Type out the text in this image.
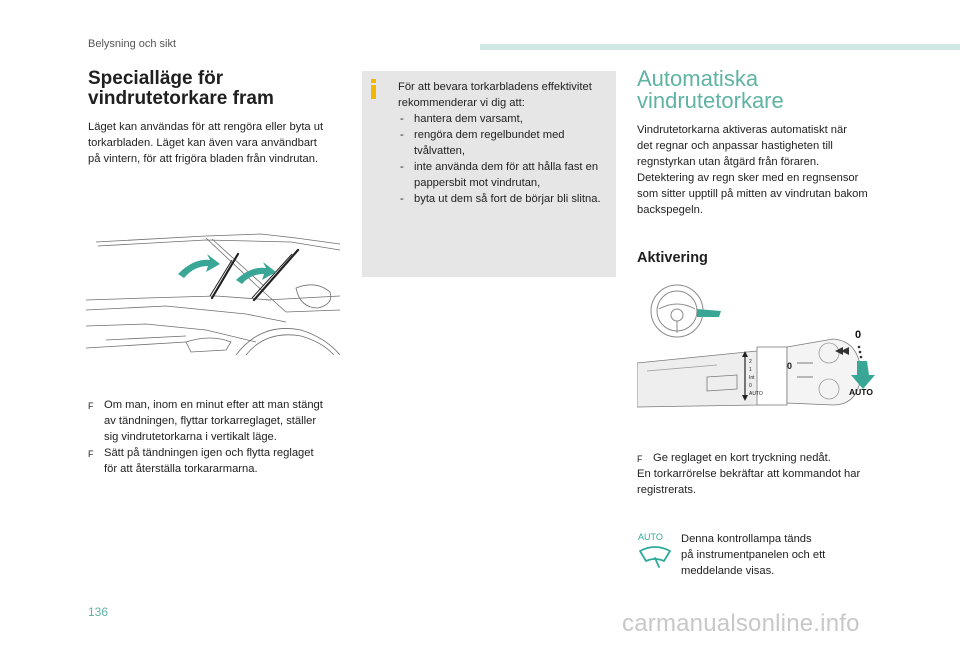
Belysning och sikt
Specialläge för
vindrutetorkare fram
Läget kan användas för att rengöra eller byta ut
torkarbladen. Läget kan även vara användbart
på vintern, för att frigöra bladen från vindrutan.
F Om man, inom en minut efter att man stängt
av tändningen, flyttar torkarreglaget, ställer
sig vindrutetorkarna i vertikalt läge.
F Sätt på tändningen igen och flytta reglaget
för att återställa torkararmarna.
För att bevara torkarbladens effektivitet
rekommenderar vi dig att:
- hantera dem varsamt,
- rengöra dem regelbundet med
tvålvatten,
- inte använda dem för att hålla fast en
pappersbit mot vindrutan,
- byta ut dem så fort de börjar bli slitna.
Automatiska
vindrutetorkare
Vindrutetorkarna aktiveras automatiskt när
det regnar och anpassar hastigheten till
regnstyrkan utan åtgärd från föraren.
Detektering av regn sker med en regnsensor
som sitter upptill på mitten av vindrutan bakom
backspegeln.
Aktivering
2
1
Int
0
AUTO
0
0
AUTO
F Ge reglaget en kort tryckning nedåt.
En torkarrörelse bekräftar att kommandot har
registrerats.
AUTO Denna kontrollampa tänds
på instrumentpanelen och ett
meddelande visas.
136	carmanualsonline.info
